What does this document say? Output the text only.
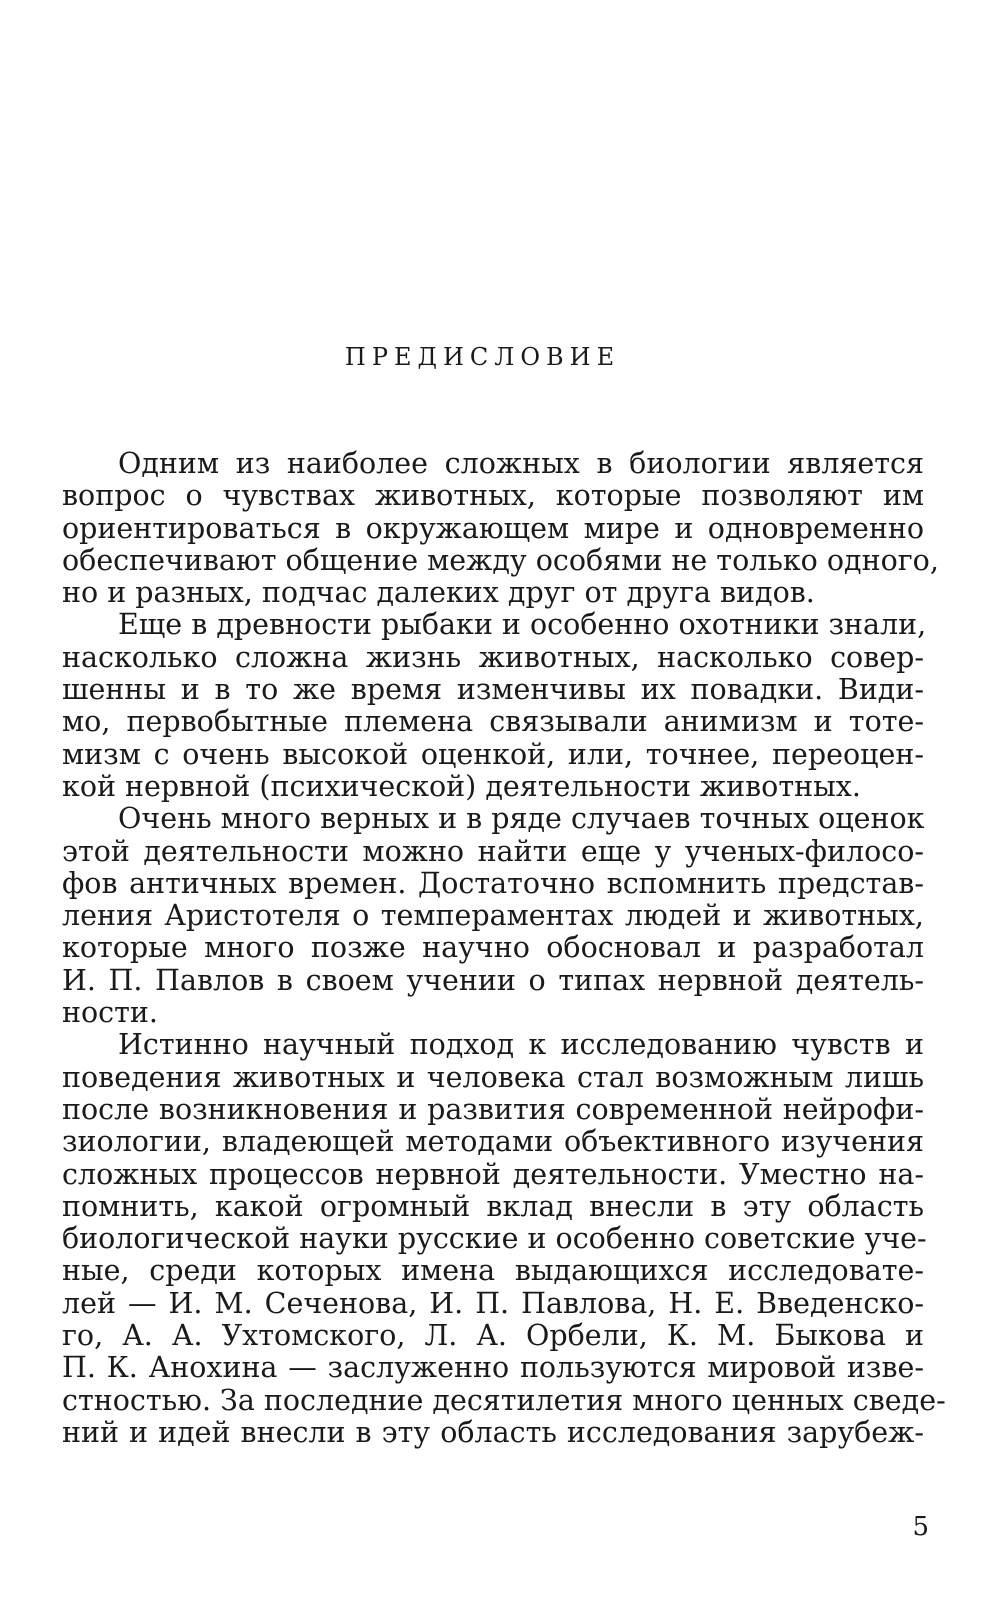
ПРЕДИСЛОВИЕ
Одним из наиболее сложных в биологии является
вопрос о чувствах животных, которые позволяют им
ориентироваться в окружающем мире и одновременно
обеспечивают общение между особями не только одного,
но и разных, подчас далеких друг от друга видов.
Еще в древности рыбаки и особенно охотники знали,
насколько сложна жизнь животных, насколько совер-
шенны и в то же время изменчивы их повадки. Види-
мо, первобытные племена связывали анимизм и тоте-
мизм с очень высокой оценкой, или, точнее, переоцен-
кой нервной (психической) деятельности животных.
Очень много верных и в ряде случаев точных оценок
этой деятельности можно найти еще у ученых-филосо-
фов античных времен. Достаточно вспомнить представ-
ления Аристотеля о темпераментах людей и животных,
которые много позже научно обосновал и разработал
И. П. Павлов в своем учении о типах нервной деятель-
ности.
Истинно научный подход к исследованию чувств и
поведения животных и человека стал возможным лишь
после возникновения и развития современной нейрофи-
зиологии, владеющей методами объективного изучения
сложных процессов нервной деятельности. Уместно на-
помнить, какой огромный вклад внесли в эту область
биологической науки русские и особенно советские уче-
ные, среди которых имена выдающихся исследовате-
лей — И. М. Сеченова, И. П. Павлова, Н. Е. Введенско-
го, А. А. Ухтомского, Л. А. Орбели, К. М. Быкова и
П. К. Анохина — заслуженно пользуются мировой изве-
стностью. За последние десятилетия много ценных сведе-
ний и идей внесли в эту область исследования зарубеж-
5
